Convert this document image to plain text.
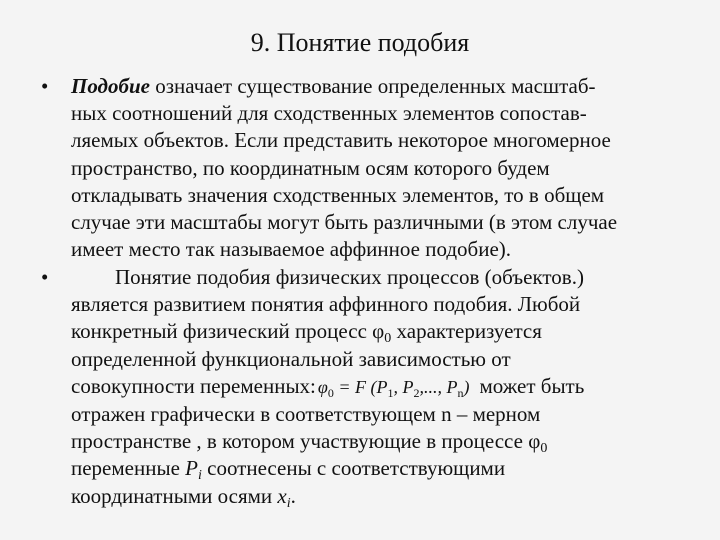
9. Понятие подобия
• Подобие означает существование определенных масштаб-
ных соотношений для сходственных элементов сопостав-
ляемых объектов. Если представить некоторое многомерное
пространство, по координатным осям которого будем
откладывать значения сходственных элементов, то в общем
случае эти масштабы могут быть различными (в этом случае
имеет место так называемое аффинное подобие).
•	Понятие подобия физических процессов (объектов.)
является развитием понятия аффинного подобия. Любой
конкретный физический процесс $\varphi_0$ характеризуется
определенной функциональной зависимостью от
совокупности переменных: $\varphi_0 = F$ ($P_1$, $P_2$,..., $P_n$) может быть
отражен графически в соответствующем n – мерном
пространстве , в котором участвующие в процессе $\varphi_0$
переменные $P_i$ соотнесены с соответствующими
координатными осями $x_i$.
